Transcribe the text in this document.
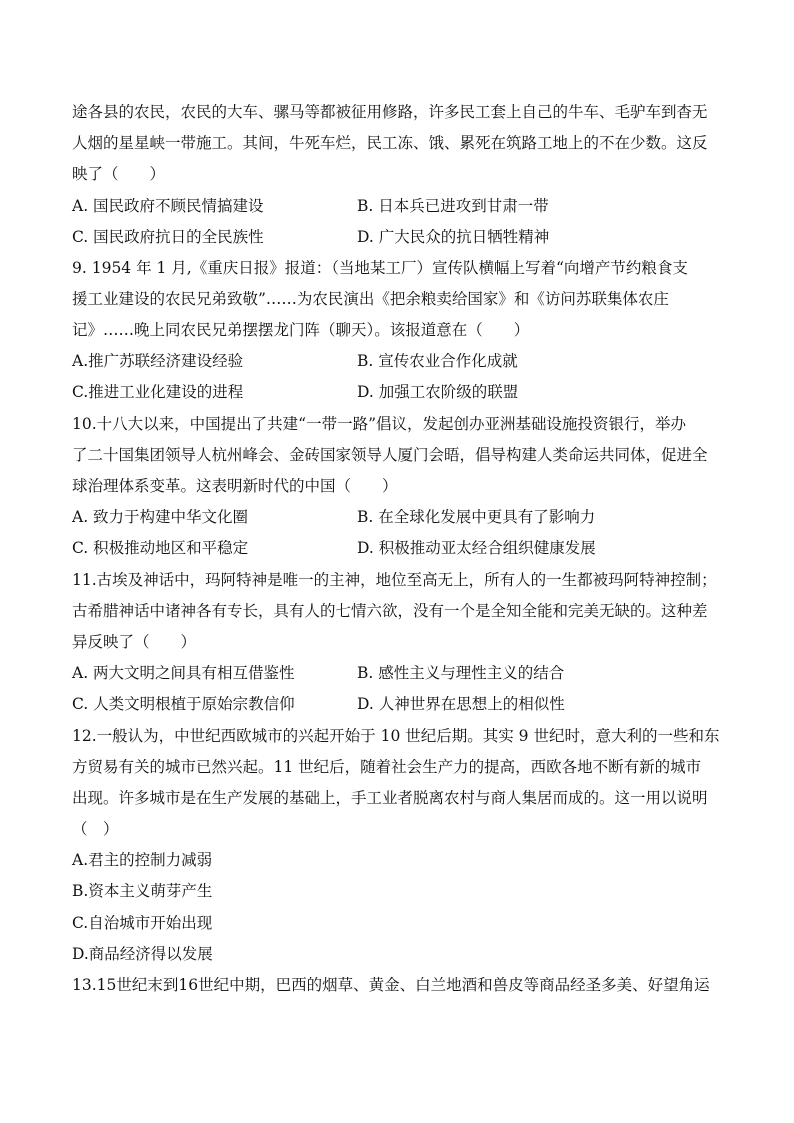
途各县的农民，农民的大车、骡马等都被征用修路，许多民工套上自己的牛车、毛驴车到杳无
人烟的星星峡一带施工。其间，牛死车烂，民工冻、饿、累死在筑路工地上的不在少数。这反
映了（　　）
A. 国民政府不顾民情搞建设	B. 日本兵已进攻到甘肃一带
C. 国民政府抗日的全民族性	D. 广大民众的抗日牺牲精神
9. 1954 年 1 月,《重庆日报》报道：（当地某工厂）宣传队横幅上写着“向增产节约粮食支
援工业建设的农民兄弟致敬”……为农民演出《把余粮卖给国家》和《访问苏联集体农庄
记》……晚上同农民兄弟摆摆龙门阵（聊天）。该报道意在（　　）
A.推广苏联经济建设经验	B. 宣传农业合作化成就
C.推进工业化建设的进程	D. 加强工农阶级的联盟
10.十八大以来，中国提出了共建“一带一路”倡议，发起创办亚洲基础设施投资银行，举办
了二十国集团领导人杭州峰会、金砖国家领导人厦门会晤，倡导构建人类命运共同体，促进全
球治理体系变革。这表明新时代的中国（　　）
A. 致力于构建中华文化圈	B. 在全球化发展中更具有了影响力
C. 积极推动地区和平稳定	D. 积极推动亚太经合组织健康发展
11.古埃及神话中，玛阿特神是唯一的主神，地位至高无上，所有人的一生都被玛阿特神控制；
古希腊神话中诸神各有专长，具有人的七情六欲，没有一个是全知全能和完美无缺的。这种差
异反映了（　　）
A. 两大文明之间具有相互借鉴性	B. 感性主义与理性主义的结合
C. 人类文明根植于原始宗教信仰	D. 人神世界在思想上的相似性
12.一般认为，中世纪西欧城市的兴起开始于 10 世纪后期。其实 9 世纪时，意大利的一些和东
方贸易有关的城市已然兴起。11 世纪后，随着社会生产力的提高，西欧各地不断有新的城市
出现。许多城市是在生产发展的基础上，手工业者脱离农村与商人集居而成的。这一用以说明
（　）
A.君主的控制力减弱
B.资本主义萌芽产生
C.自治城市开始出现
D.商品经济得以发展
13.15世纪末到16世纪中期，巴西的烟草、黄金、白兰地酒和兽皮等商品经圣多美、好望角运
